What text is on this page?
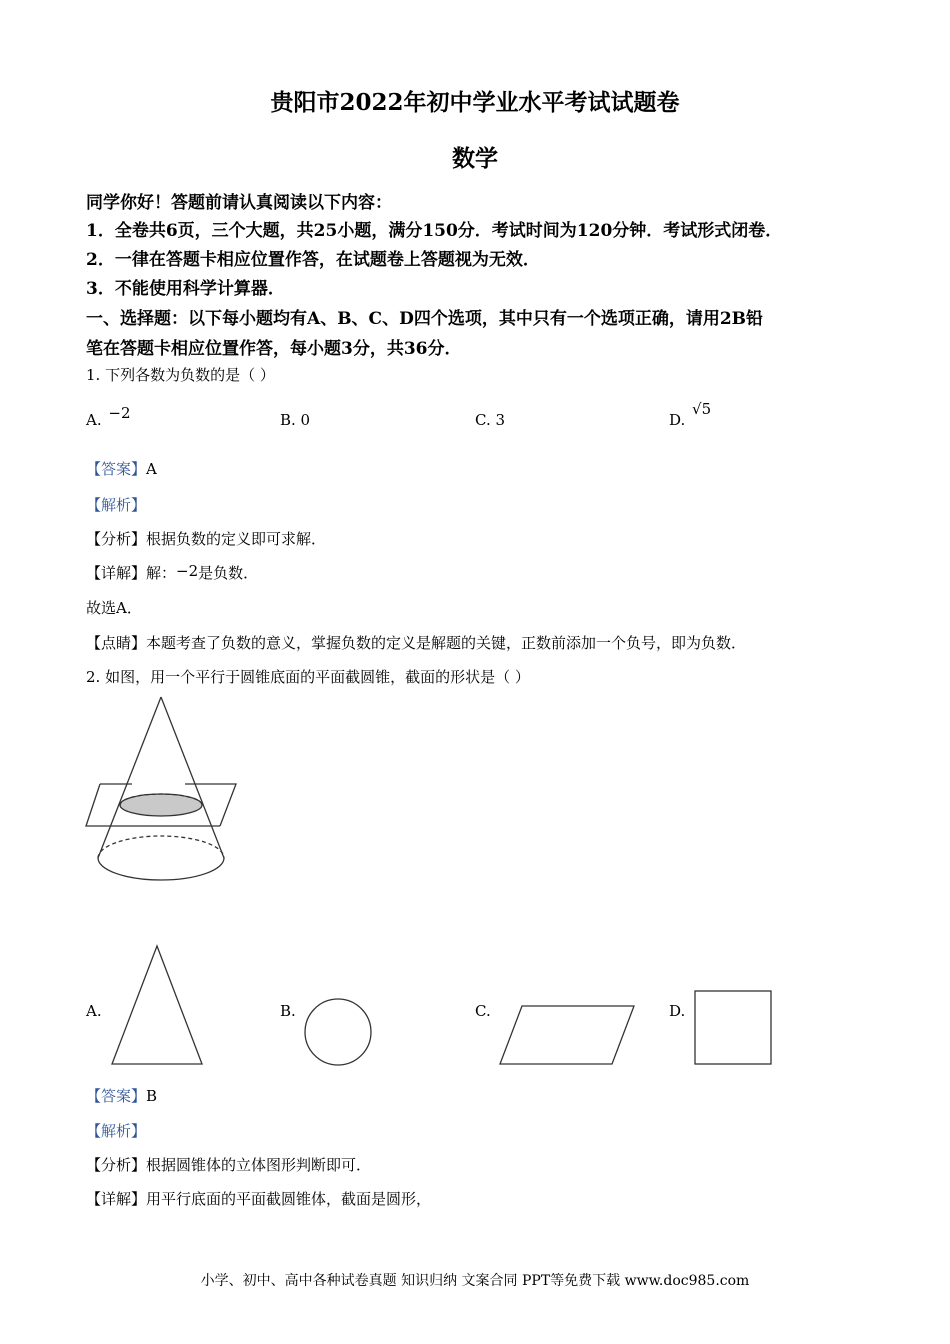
贵阳市2022年初中学业水平考试试题卷
数学
同学你好！答题前请认真阅读以下内容：
1．全卷共6页，三个大题，共25小题，满分150分．考试时间为120分钟．考试形式闭卷．
2．一律在答题卡相应位置作答，在试题卷上答题视为无效．
3．不能使用科学计算器．
一、选择题：以下每小题均有A、B、C、D四个选项，其中只有一个选项正确，请用2B铅
笔在答题卡相应位置作答，每小题3分，共36分．
1. 下列各数为负数的是（ ）
A. −2	B. 0	C. 3	D. √5
【答案】A
【解析】
【分析】根据负数的定义即可求解．
【详解】解：−2是负数．
故选A．
【点睛】本题考查了负数的意义，掌握负数的定义是解题的关键，正数前添加一个负号，即为负数．
2. 如图，用一个平行于圆锥底面的平面截圆锥，截面的形状是（ ）
A.	B.	C.	D.
【答案】B
【解析】
【分析】根据圆锥体的立体图形判断即可．
【详解】用平行底面的平面截圆锥体，截面是圆形，
小学、初中、高中各种试卷真题 知识归纳 文案合同 PPT等免费下载 www.doc985.com
